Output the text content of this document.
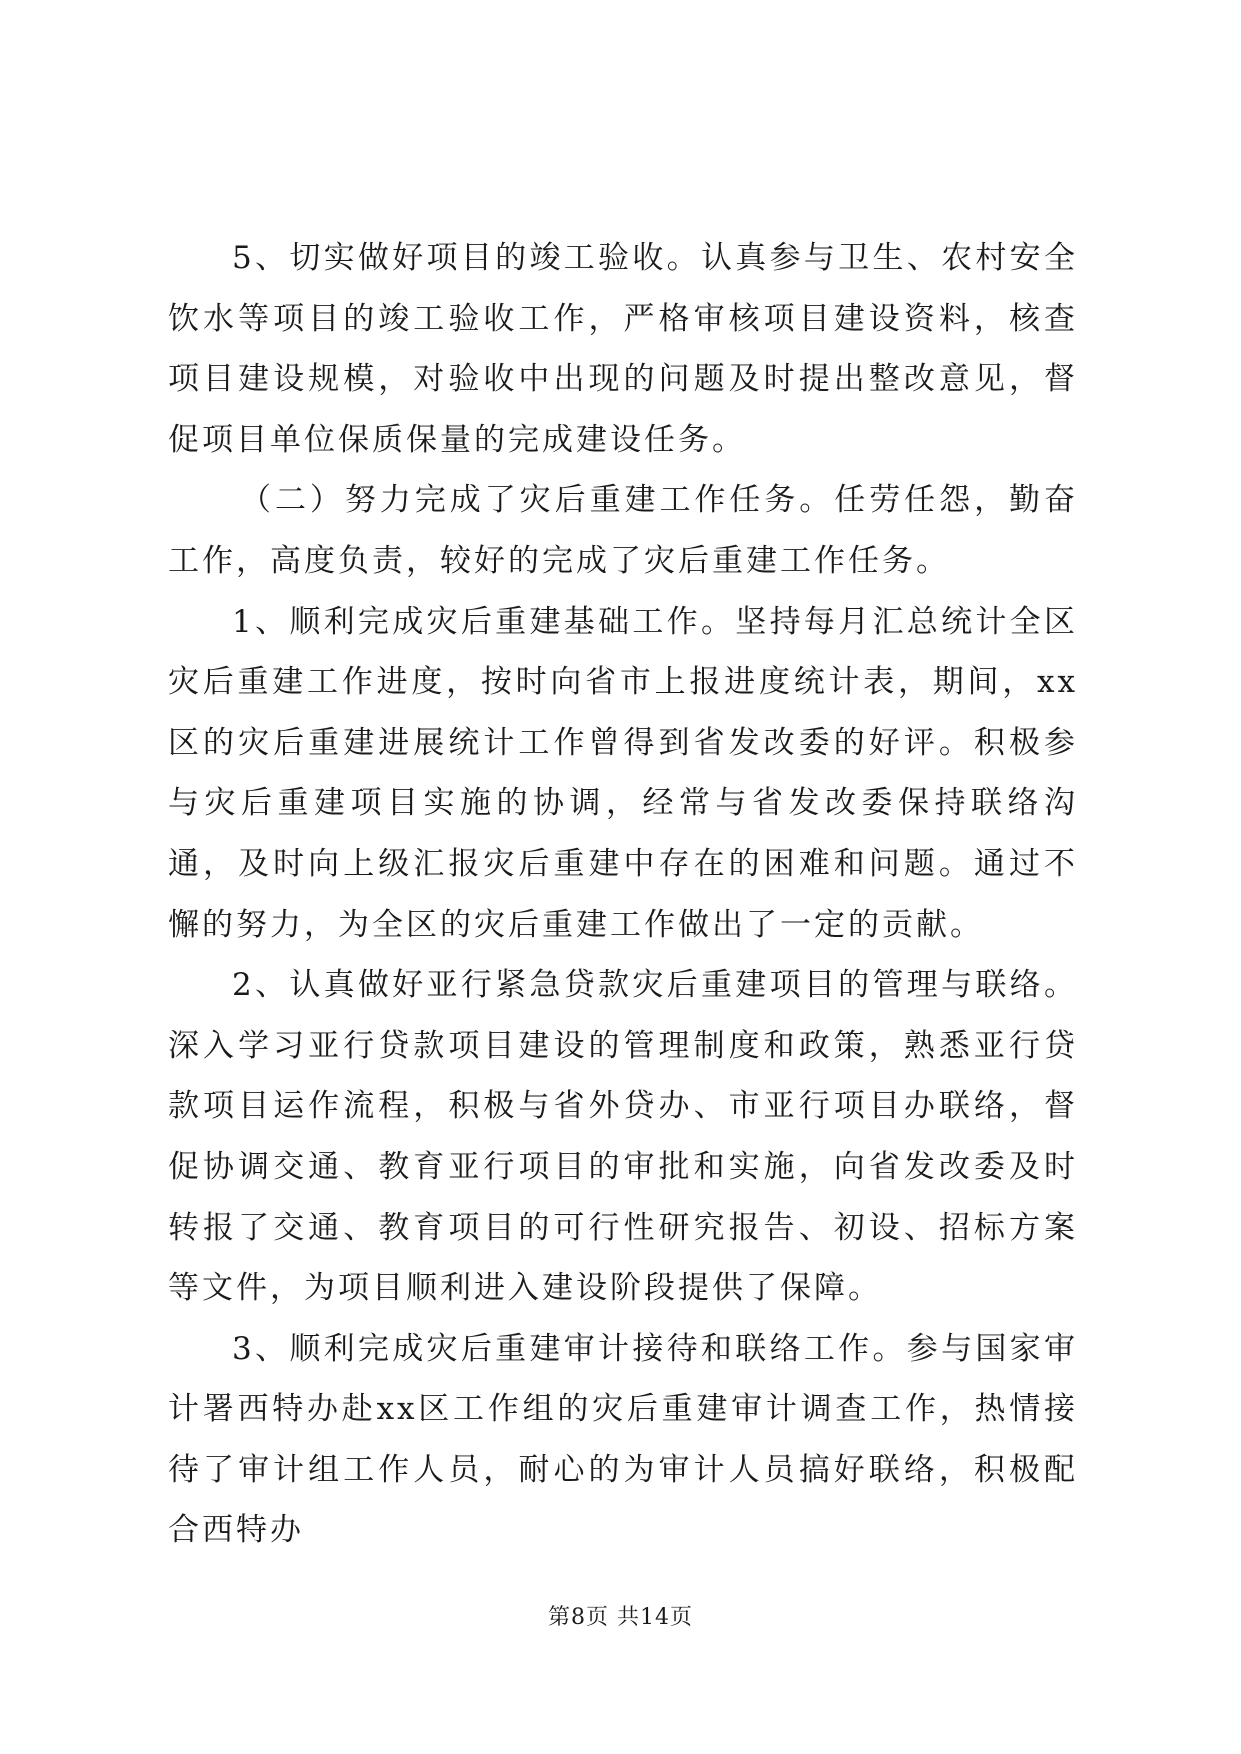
5、切实做好项目的竣工验收。认真参与卫生、农村安全饮水等项目的竣工验收工作，严格审核项目建设资料，核查项目建设规模，对验收中出现的问题及时提出整改意见，督促项目单位保质保量的完成建设任务。

（二）努力完成了灾后重建工作任务。任劳任怨，勤奋工作，高度负责，较好的完成了灾后重建工作任务。

1、顺利完成灾后重建基础工作。坚持每月汇总统计全区灾后重建工作进度，按时向省市上报进度统计表，期间，xx区的灾后重建进展统计工作曾得到省发改委的好评。积极参与灾后重建项目实施的协调，经常与省发改委保持联络沟通，及时向上级汇报灾后重建中存在的困难和问题。通过不懈的努力，为全区的灾后重建工作做出了一定的贡献。

2、认真做好亚行紧急贷款灾后重建项目的管理与联络。深入学习亚行贷款项目建设的管理制度和政策，熟悉亚行贷款项目运作流程，积极与省外贷办、市亚行项目办联络，督促协调交通、教育亚行项目的审批和实施，向省发改委及时转报了交通、教育项目的可行性研究报告、初设、招标方案等文件，为项目顺利进入建设阶段提供了保障。

3、顺利完成灾后重建审计接待和联络工作。参与国家审计署西特办赴xx区工作组的灾后重建审计调查工作，热情接待了审计组工作人员，耐心的为审计人员搞好联络，积极配合西特办

第8页 共14页
